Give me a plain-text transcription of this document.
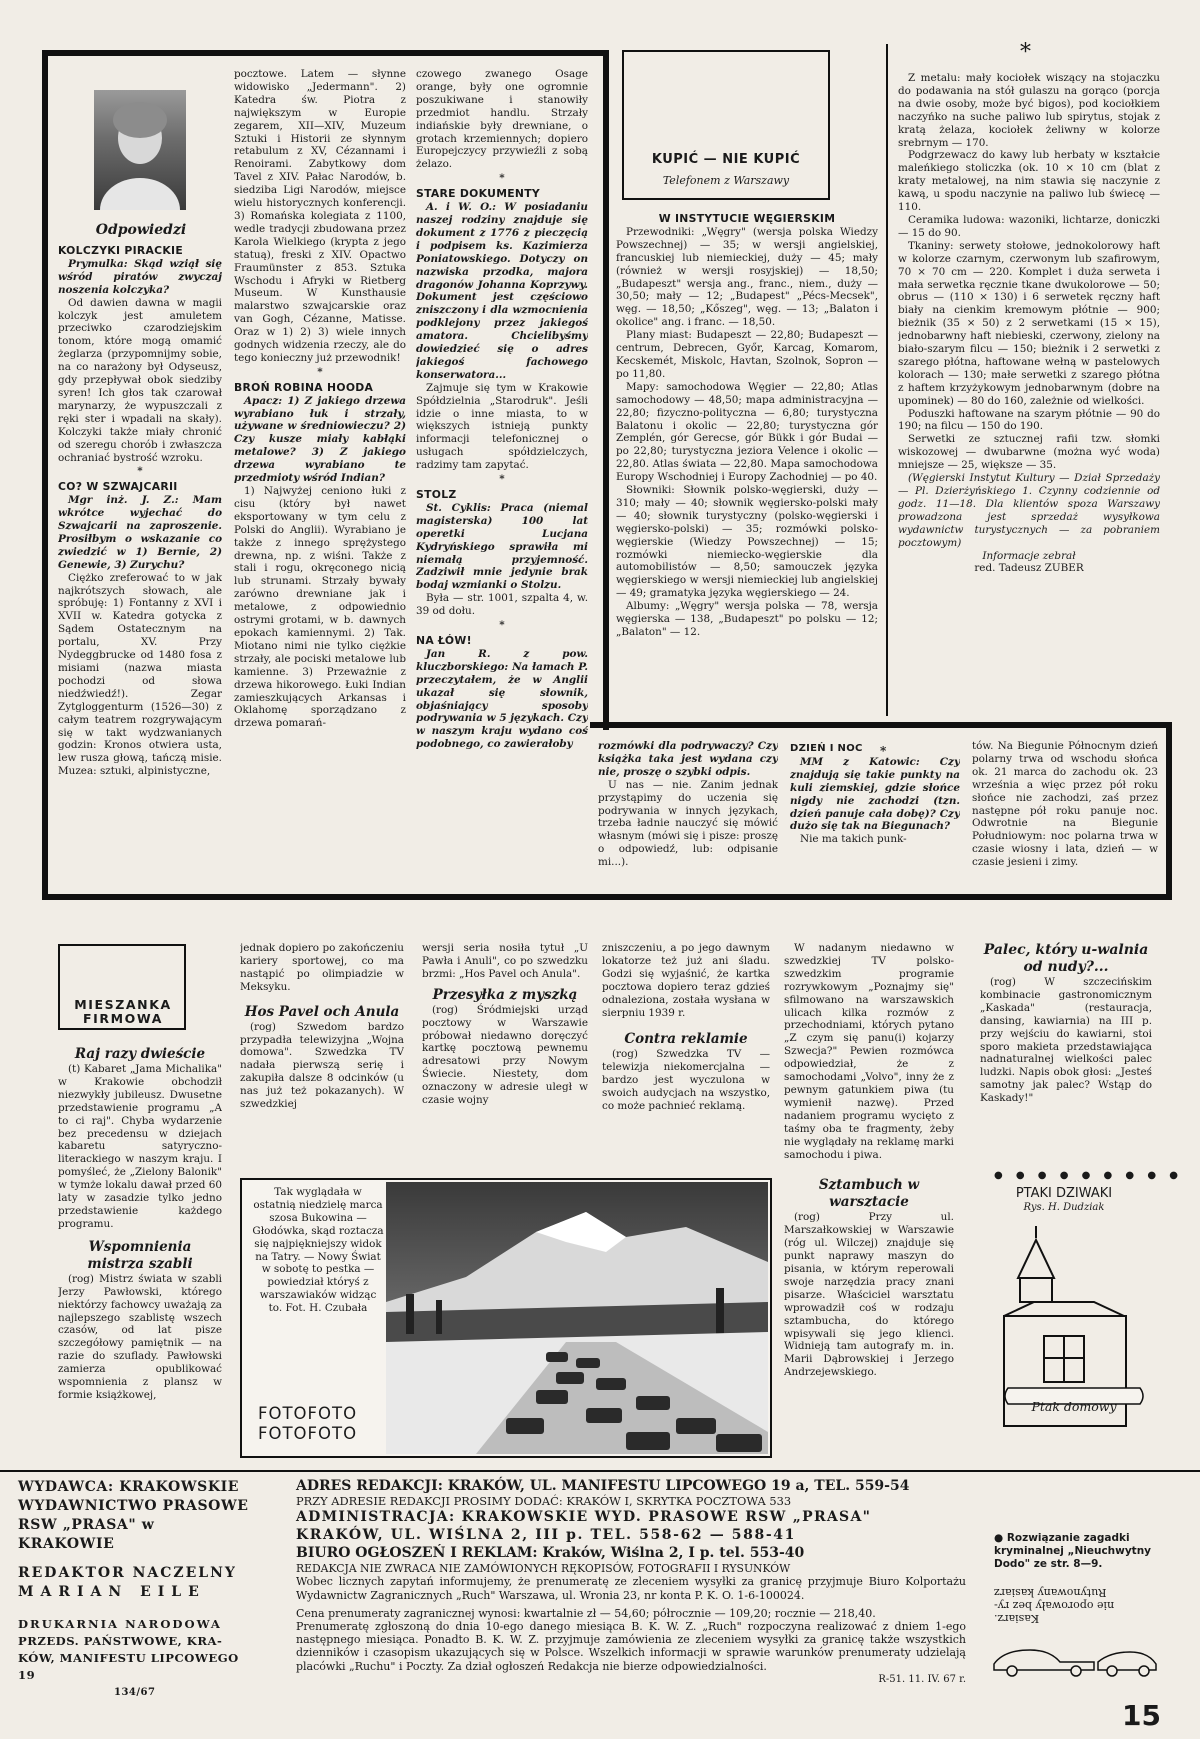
Odpowiedzi

KOLCZYKI PIRACKIE

Prymulka: Skąd wziął się wśród piratów zwyczaj noszenia kolczyka?

Od dawien dawna w magii kolczyk jest amuletem przeciwko czarodziejskim tonom, które mogą omamić żeglarza (przypomnijmy sobie, na co narażony był Odyseusz, gdy przepływał obok siedziby syren! Ich głos tak czarował marynarzy, że wypuszczali z ręki ster i wpadali na skały). Kolczyki także miały chronić od szeregu chorób i zwłaszcza ochraniać bystrość wzroku.

*

CO? W SZWAJCARII

Mgr inż. J. Z.: Mam wkrótce wyjechać do Szwajcarii na zaproszenie. Prosiłbym o wskazanie co zwiedzić w 1) Bernie, 2) Genewie, 3) Zurychu?

Ciężko zreferować to w jak najkrótszych słowach, ale spróbuję: 1) Fontanny z XVI i XVII w. Katedra gotycka z Sądem Ostatecznym na portalu, XV. Przy Nydeggbrucke od 1480 fosa z misiami (nazwa miasta pochodzi od słowa niedźwiedź!). Zegar Zytgloggenturm (1526—30) z całym teatrem rozgrywającym się w takt wydzwanianych godzin: Kronos otwiera usta, lew rusza głową, tańczą misie. Muzea: sztuki, alpinistyczne,

pocztowe. Latem — słynne widowisko „Jedermann". 2) Katedra św. Piotra z największym w Europie zegarem, XII—XIV, Muzeum Sztuki i Historii ze słynnym retabulum z XV, Cézannami i Renoirami. Zabytkowy dom Tavel z XIV. Pałac Narodów, b. siedziba Ligi Narodów, miejsce wielu historycznych konferencji. 3) Romańska kolegiata z 1100, wedle tradycji zbudowana przez Karola Wielkiego (krypta z jego statuą), freski z XIV. Opactwo Fraumünster z 853. Sztuka Wschodu i Afryki w Rietberg Museum. W Kunsthausie malarstwo szwajcarskie oraz van Gogh, Cézanne, Matisse. Oraz w 1) 2) 3) wiele innych godnych widzenia rzeczy, ale do tego konieczny już przewodnik!

*

BROŃ ROBINA HOODA

Apacz: 1) Z jakiego drzewa wyrabiano łuk i strzały, używane w średniowieczu? 2) Czy kusze miały kabłąki metalowe? 3) Z jakiego drzewa wyrabiano te przedmioty wśród Indian?

1) Najwyżej ceniono łuki z cisu (który był nawet eksportowany w tym celu z Polski do Anglii). Wyrabiano je także z innego sprężystego drewna, np. z wiśni. Także z stali i rogu, okręconego nicią lub strunami. Strzały bywały zarówno drewniane jak i metalowe, z odpowiednio ostrymi grotami, w b. dawnych epokach kamiennymi. 2) Tak. Miotano nimi nie tylko ciężkie strzały, ale pociski metalowe lub kamienne. 3) Przeważnie z drzewa hikorowego. Łuki Indian zamieszkujących Arkansas i Oklahomę sporządzano z drzewa pomarań-

czowego zwanego Osage orange, były one ogromnie poszukiwane i stanowiły przedmiot handlu. Strzały indiańskie były drewniane, o grotach krzemiennych; dopiero Europejczycy przywieźli z sobą żelazo.

*

STARE DOKUMENTY

A. i W. O.: W posiadaniu naszej rodziny znajduje się dokument z 1776 z pieczęcią i podpisem ks. Kazimierza Poniatowskiego. Dotyczy on nazwiska przodka, majora dragonów Johanna Koprzywy. Dokument jest częściowo zniszczony i dla wzmocnienia podklejony przez jakiegoś amatora. Chcielibyśmy dowiedzieć się o adres jakiegoś fachowego konserwatora...

Zajmuje się tym w Krakowie Spółdzielnia „Starodruk". Jeśli idzie o inne miasta, to w większych istnieją punkty informacji telefonicznej o usługach spółdzielczych, radzimy tam zapytać.

*

STOLZ

St. Cyklis: Praca (niemal magisterska) 100 lat operetki Lucjana Kydryńskiego sprawiła mi niemałą przyjemność. Zadziwił mnie jedynie brak bodaj wzmianki o Stolzu.

Była — str. 1001, szpalta 4, w. 39 od dołu.

*

NA ŁÓW!

Jan R. z pow. kluczborskiego: Na łamach P. przeczytałem, że w Anglii ukazał się słownik, objaśniający sposoby podrywania w 5 językach. Czy w naszym kraju wydano coś podobnego, co zawierałoby	rozmówki dla podrywaczy? Czy książka taka jest wydana czy nie, proszę o szybki odpis.

U nas — nie. Zanim jednak przystąpimy do uczenia się podrywania w innych językach, trzeba ładnie nauczyć się mówić własnym (mówi się i pisze: proszę o odpowiedź, lub: odpisanie mi...).

DZIEŃ I NOC

MM z Katowic: Czy znajdują się takie punkty na kuli ziemskiej, gdzie słońce nigdy nie zachodzi (tzn. dzień panuje cała dobę)? Czy dużo się tak na Biegunach?

Nie ma takich punk-

*	tów. Na Biegunie Północnym dzień polarny trwa od wschodu słońca ok. 21 marca do zachodu ok. 23 września a więc przez pół roku słońce nie zachodzi, zaś przez następne pół roku panuje noc. Odwrotnie na Biegunie Południowym: noc polarna trwa w czasie wiosny i lata, dzień — w czasie jesieni i zimy.

KUPIĆ — NIE KUPIĆ
Telefonem z Warszawy

W INSTYTUCIE WĘGIERSKIM

Przewodniki: „Węgry" (wersja polska Wiedzy Powszechnej) — 35; w wersji angielskiej, francuskiej lub niemieckiej, duży — 45; mały (również w wersji rosyjskiej) — 18,50; „Budapeszt" wersja ang., franc., niem., duży — 30,50; mały — 12; „Budapest" „Pécs-Mecsek", węg. — 18,50; „Kőszeg", węg. — 13; „Balaton i okolice" ang. i franc. — 18,50.

Plany miast: Budapeszt — 22,80; Budapeszt — centrum, Debrecen, Győr, Karcag, Komarom, Kecskemét, Miskolc, Havtan, Szolnok, Sopron — po 11,80.

Mapy: samochodowa Węgier — 22,80; Atlas samochodowy — 48,50; mapa administracyjna — 22,80; fizyczno-polityczna — 6,80; turystyczna Balatonu i okolic — 22,80; turystyczna gór Zemplén, gór Gerecse, gór Bükk i gór Budai — po 22,80; turystyczna jeziora Velence i okolic — 22,80. Atlas świata — 22,80. Mapa samochodowa Europy Wschodniej i Europy Zachodniej — po 40.

Słowniki: Słownik polsko-węgierski, duży — 310; mały — 40; słownik węgiersko-polski mały — 40; słownik turystyczny (polsko-węgierski i węgiersko-polski) — 35; rozmówki polsko-węgierskie (Wiedzy Powszechnej) — 15; rozmówki niemiecko-węgierskie dla automobilistów — 8,50; samouczek języka węgierskiego w wersji niemieckiej lub angielskiej — 49; gramatyka języka węgierskiego — 24.

Albumy: „Węgry" wersja polska — 78, wersja węgierska — 138, „Budapeszt" po polsku — 12; „Balaton" — 12.

*

Z metalu: mały kociołek wiszący na stojaczku do podawania na stół gulaszu na gorąco (porcja na dwie osoby, może być bigos), pod kociołkiem naczyńko na suche paliwo lub spirytus, stojak z kratą żelaza, kociołek żeliwny w kolorze srebrnym — 170.

Podgrzewacz do kawy lub herbaty w kształcie maleńkiego stoliczka (ok. 10 × 10 cm (blat z kraty metalowej, na nim stawia się naczynie z kawą, u spodu naczynie na paliwo lub świecę — 110.

Ceramika ludowa: wazoniki, lichtarze, doniczki — 15 do 90.

Tkaniny: serwety stołowe, jednokolorowy haft w kolorze czarnym, czerwonym lub szafirowym, 70 × 70 cm — 220. Komplet i duża serweta i mała serwetka ręcznie tkane dwukolorowe — 50; obrus — (110 × 130) i 6 serwetek ręczny haft biały na cienkim kremowym płótnie — 900; bieżnik (35 × 50) z 2 serwetkami (15 × 15), jednobarwny haft niebieski, czerwony, zielony na biało-szarym filcu — 150; bieżnik i 2 serwetki z szarego płótna, haftowane wełną w pastelowych kolorach — 130; małe serwetki z szarego płótna z haftem krzyżykowym jednobarwnym (dobre na upominek) — 80 do 160, zależnie od wielkości.

Poduszki haftowane na szarym płótnie — 90 do 190; na filcu — 150 do 190.

Serwetki ze sztucznej rafii tzw. słomki wiskozowej — dwubarwne (można wyć woda) mniejsze — 25, większe — 35.

(Węgierski Instytut Kultury — Dział Sprzedaży — Pl. Dzierżyńskiego 1. Czynny codziennie od godz. 11—18. Dla klientów spoza Warszawy prowadzona jest sprzedaż wysyłkowa wydawnictw turystycznych — za pobraniem pocztowym)

Informacje zebrał

red. Tadeusz ZUBER

MIESZANKA FIRMOWA

Raj razy dwieście

(t) Kabaret „Jama Michalika" w Krakowie obchodził niezwykły jubileusz. Dwusetne przedstawienie programu „A to ci raj". Chyba wydarzenie bez precedensu w dziejach kabaretu satyryczno-literackiego w naszym kraju. I pomyśleć, że „Zielony Balonik" w tymże lokalu dawał przed 60 laty w zasadzie tylko jedno przedstawienie każdego programu.

Wspomnienia mistrza szabli

(rog) Mistrz świata w szabli Jerzy Pawłowski, którego niektórzy fachowcy uważają za najlepszego szablistę wszech czasów, od lat pisze szczegółowy pamiętnik — na razie do szuflady. Pawłowski zamierza opublikować wspomnienia z plansz w formie książkowej,

jednak dopiero po zakończeniu kariery sportowej, co ma nastąpić po olimpiadzie w Meksyku.

Hos Pavel och Anula

(rog) Szwedom bardzo przypadła telewizyjna „Wojna domowa". Szwedzka TV nadała pierwszą serię i zakupiła dalsze 8 odcinków (u nas już też pokazanych). W szwedzkiej

wersji seria nosiła tytuł „U Pawła i Anuli", co po szwedzku brzmi: „Hos Pavel och Anula".

Przesyłka z myszką

(rog) Śródmiejski urząd pocztowy w Warszawie próbował niedawno doręczyć kartkę pocztową pewnemu adresatowi przy Nowym Świecie. Niestety, dom oznaczony w adresie uległ w czasie wojny

zniszczeniu, a po jego dawnym lokatorze też już ani śladu. Godzi się wyjaśnić, że kartka pocztowa dopiero teraz gdzieś odnaleziona, została wysłana w sierpniu 1939 r.

Contra reklamie

(rog) Szwedzka TV — telewizja niekomercjalna — bardzo jest wyczulona w swoich audycjach na wszystko, co może pachnieć reklamą.

W nadanym niedawno w szwedzkiej TV polsko-szwedzkim programie rozrywkowym „Poznajmy się" sfilmowano na warszawskich ulicach kilka rozmów z przechodniami, których pytano „Z czym się panu(i) kojarzy Szwecja?" Pewien rozmówca odpowiedział, że z samochodami „Volvo", inny że z pewnym gatunkiem piwa (tu wymienił nazwę). Przed nadaniem programu wycięto z taśmy oba te fragmenty, żeby nie wyglądały na reklamę marki samochodu i piwa.

Sztambuch w warsztacie

(rog) Przy ul. Marszałkowskiej w Warszawie (róg ul. Wilczej) znajduje się punkt naprawy maszyn do pisania, w którym reperowali swoje narzędzia pracy znani pisarze. Właściciel warsztatu wprowadził coś w rodzaju sztambucha, do którego wpisywali się jego klienci. Widnieją tam autografy m. in. Marii Dąbrowskiej i Jerzego Andrzejewskiego.

Palec, który u-walnia od nudy?...

(rog) W szczecińskim kombinacie gastronomicznym „Kaskada" (restauracja, dansing, kawiarnia) na III p. przy wejściu do kawiarni, stoi sporo makieta przedstawiająca nadnaturalnej wielkości palec ludzki. Napis obok głosi: „Jesteś samotny jak palec? Wstąp do Kaskady!"

Tak wyglądała w ostatnią niedzielę marca szosa Bukowina — Głodówka, skąd roztacza się najpiękniejszy widok na Tatry. — Nowy Świat w sobotę to pestka — powiedział któryś z warszawiaków widząc to. Fot. H. Czubała

FOTOFOTO
FOTOFOTO
● ● ● ● ● ● ● ● ●
PTAKI DZIWAKI
Rys. H. Dudziak
Ptak domowy
WYDAWCA: KRAKOWSKIE
WYDAWNICTWO PRASOWE
RSW „PRASA" w KRAKOWIE
REDAKTOR NACZELNY
MARIAN EILE
DRUKARNIA NARODOWA
PRZEDS. PAŃSTWOWE, KRA-
KÓW, MANIFESTU LIPCOWEGO 19
134/67
ADRES REDAKCJI: KRAKÓW, UL. MANIFESTU LIPCOWEGO 19 a, TEL. 559-54
PRZY ADRESIE REDAKCJI PROSIMY DODAĆ: KRAKÓW I, SKRYTKA POCZTOWA 533
ADMINISTRACJA: KRAKOWSKIE WYD. PRASOWE RSW „PRASA"
KRAKÓW, UL. WIŚLNA 2, III p. TEL. 558-62 — 588-41
BIURO OGŁOSZEŃ I REKLAM: Kraków, Wiślna 2, I p. tel. 553-40
REDAKCJA NIE ZWRACA NIE ZAMÓWIONYCH RĘKOPISÓW, FOTOGRAFII I RYSUNKÓW
Wobec licznych zapytań informujemy, że prenumeratę ze zleceniem wysyłki za granicę przyjmuje Biuro Kolportażu Wydawnictw Zagranicznych „Ruch" Warszawa, ul. Wronia 23, nr konta P. K. O. 1-6-100024.
Cena prenumeraty zagranicznej wynosi: kwartalnie zł — 54,60; półrocznie — 109,20; rocznie — 218,40.
Prenumeratę zgłoszoną do dnia 10-ego danego miesiąca B. K. W. Z. „Ruch" rozpoczyna realizować z dniem 1-ego następnego miesiąca. Ponadto B. K. W. Z. przyjmuje zamówienia ze zleceniem wysyłki za granicę także wszystkich dzienników i czasopism ukazujących się w Polsce. Wszelkich informacji w sprawie warunków prenumeraty udzielają placówki „Ruchu" i Poczty. Za dział ogłoszeń Redakcja nie bierze odpowiedzialności.
R-51. 11. IV. 67 r.
● Rozwiązanie zagadki kryminalnej „Nieuchwytny Dodo" ze str. 8—9.
Kasiarz.
nie oporowały bez ry-
Rutynowany kasiarz
15
